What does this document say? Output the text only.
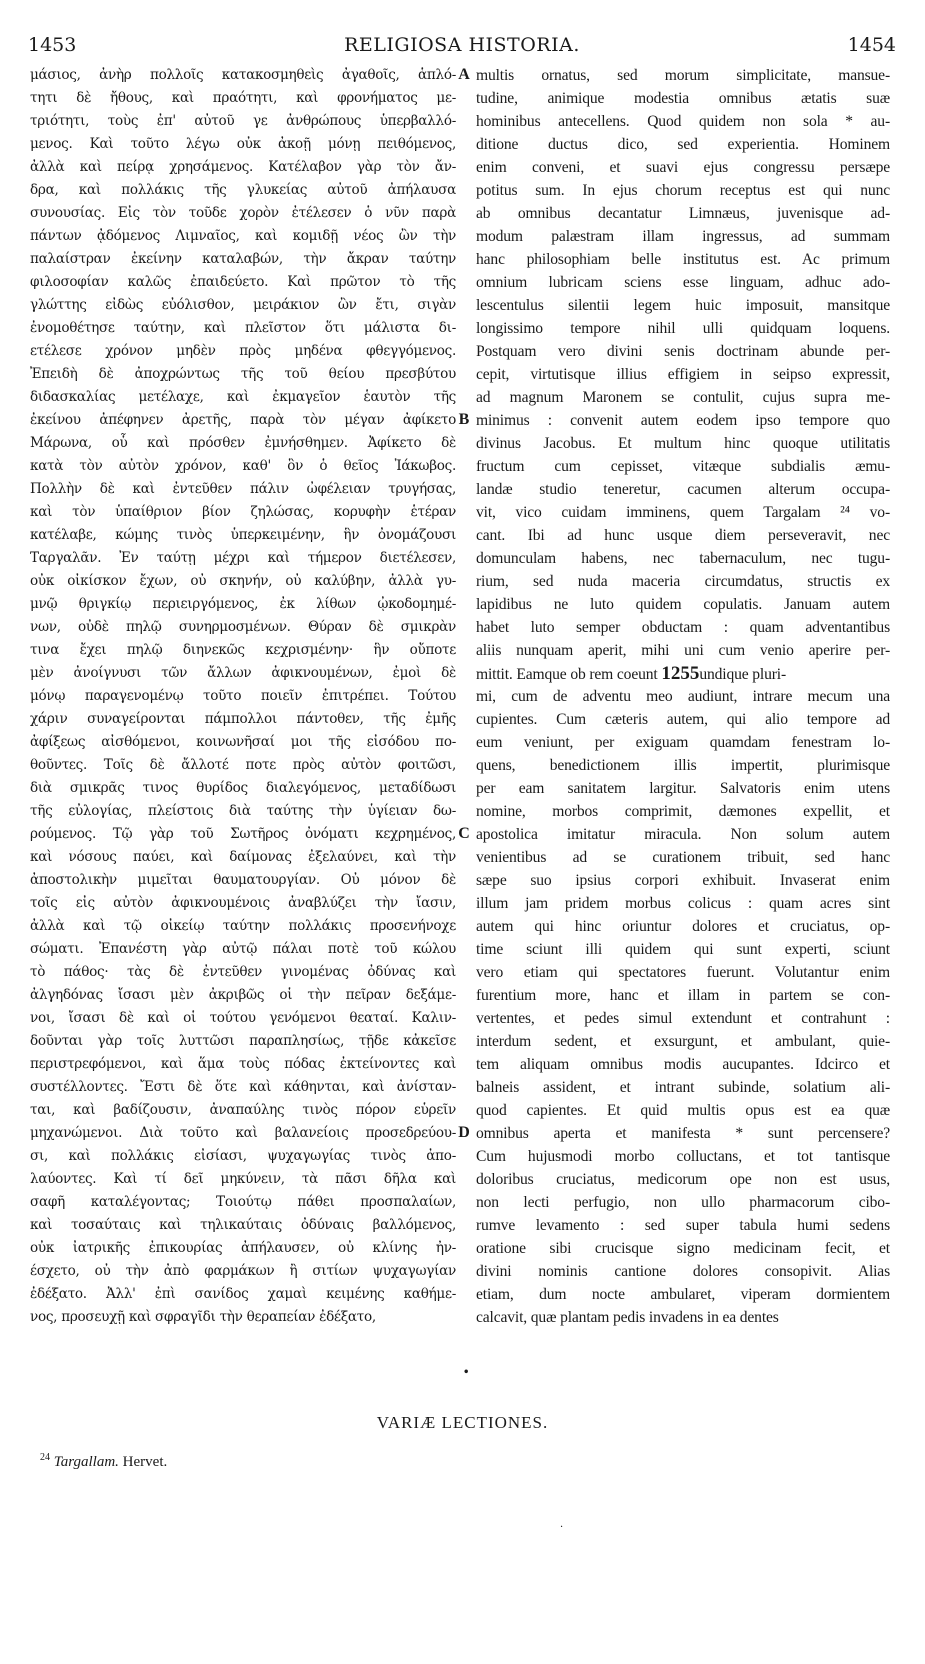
1453	RELIGIOSA HISTORIA.	1454
μάσιος, ἀνὴρ πολλοῖς κατακοσμηθεὶς ἀγαθοῖς, ἁπλό-
τητι δὲ ἤθους, καὶ πραότητι, καὶ φρονήματος με-
τριότητι, τοὺς ἐπ' αὐτοῦ γε ἀνθρώπους ὑπερβαλλό-
μενος. Καὶ τοῦτο λέγω οὐκ ἀκοῇ μόνῃ πειθόμενος,
ἀλλὰ καὶ πείρᾳ χρησάμενος. Κατέλαβον γὰρ τὸν ἄν-
δρα, καὶ πολλάκις τῆς γλυκείας αὐτοῦ ἀπήλαυσα
συνουσίας. Εἰς τὸν τοῦδε χορὸν ἐτέλεσεν ὁ νῦν παρὰ
πάντων ᾀδόμενος Λιμναῖος, καὶ κομιδῇ νέος ὢν τὴν
παλαίστραν ἐκείνην καταλαβών, τὴν ἄκραν ταύτην
φιλοσοφίαν καλῶς ἐπαιδεύετο. Καὶ πρῶτον τὸ τῆς
γλώττης εἰδὼς εὐόλισθον, μειράκιον ὢν ἔτι, σιγὰν
ἐνομοθέτησε ταύτην, καὶ πλεῖστον ὅτι μάλιστα δι-
ετέλεσε χρόνον μηδὲν πρὸς μηδένα φθεγγόμενος.
Ἐπειδὴ δὲ ἀποχρώντως τῆς τοῦ θείου πρεσβύτου
διδασκαλίας μετέλαχε, καὶ ἐκμαγεῖον ἑαυτὸν τῆς
ἐκείνου ἀπέφηνεν ἀρετῆς, παρὰ τὸν μέγαν ἀφίκετο
Μάρωνα, οὗ καὶ πρόσθεν ἐμνήσθημεν. Ἀφίκετο δὲ
κατὰ τὸν αὐτὸν χρόνον, καθ' ὃν ὁ θεῖος Ἰάκωβος.
Πολλὴν δὲ καὶ ἐντεῦθεν πάλιν ὠφέλειαν τρυγήσας,
καὶ τὸν ὑπαίθριον βίον ζηλώσας, κορυφὴν ἑτέραν
κατέλαβε, κώμης τινὸς ὑπερκειμένην, ἣν ὀνομάζουσι
Ταργαλᾶν. Ἐν ταύτῃ μέχρι καὶ τήμερον διετέλεσεν,
οὐκ οἰκίσκον ἔχων, οὐ σκηνήν, οὐ καλύβην, ἀλλὰ γυ-
μνῷ θριγκίῳ περιειργόμενος, ἐκ λίθων ᾠκοδομημέ-
νων, οὐδὲ πηλῷ συνηρμοσμένων. Θύραν δὲ σμικρὰν
τινα ἔχει πηλῷ διηνεκῶς κεχρισμένην· ἣν οὔποτε
μὲν ἀνοίγνυσι τῶν ἄλλων ἀφικνουμένων, ἐμοὶ δὲ
μόνῳ παραγενομένῳ τοῦτο ποιεῖν ἐπιτρέπει. Τούτου
χάριν συναγείρονται πάμπολλοι πάντοθεν, τῆς ἐμῆς
ἀφίξεως αἰσθόμενοι, κοινωνῆσαί μοι τῆς εἰσόδου πο-
θοῦντες. Τοῖς δὲ ἄλλοτέ ποτε πρὸς αὐτὸν φοιτῶσι,
διὰ σμικρᾶς τινος θυρίδος διαλεγόμενος, μεταδίδωσι
τῆς εὐλογίας, πλείστοις διὰ ταύτης τὴν ὑγίειαν δω-
ρούμενος. Τῷ γὰρ τοῦ Σωτῆρος ὀνόματι κεχρημένος,
καὶ νόσους παύει, καὶ δαίμονας ἐξελαύνει, καὶ τὴν
ἀποστολικὴν μιμεῖται θαυματουργίαν. Οὐ μόνον δὲ
τοῖς εἰς αὐτὸν ἀφικνουμένοις ἀναβλύζει τὴν ἴασιν,
ἀλλὰ καὶ τῷ οἰκείῳ ταύτην πολλάκις προσενήνοχε
σώματι. Ἐπανέστη γὰρ αὐτῷ πάλαι ποτὲ τοῦ κώλου
τὸ πάθος· τὰς δὲ ἐντεῦθεν γινομένας ὀδύνας καὶ
ἀλγηδόνας ἴσασι μὲν ἀκριβῶς οἱ τὴν πεῖραν δεξάμε-
νοι, ἴσασι δὲ καὶ οἱ τούτου γενόμενοι θεαταί. Καλιν-
δοῦνται γὰρ τοῖς λυττῶσι παραπλησίως, τῇδε κἀκεῖσε
περιστρεφόμενοι, καὶ ἅμα τοὺς πόδας ἐκτείνοντες καὶ
συστέλλοντες. Ἔστι δὲ ὅτε καὶ κάθηνται, καὶ ἀνίσταν-
ται, καὶ βαδίζουσιν, ἀναπαύλης τινὸς πόρον εὑρεῖν
μηχανώμενοι. Διὰ τοῦτο καὶ βαλανείοις προσεδρεύου-
σι, καὶ πολλάκις εἰσίασι, ψυχαγωγίας τινὸς ἀπο-
λαύοντες. Καὶ τί δεῖ μηκύνειν, τὰ πᾶσι δῆλα καὶ
σαφῆ καταλέγοντας; Τοιούτῳ πάθει προσπαλαίων,
καὶ τοσαύταις καὶ τηλικαύταις ὀδύναις βαλλόμενος,
οὐκ ἰατρικῆς ἐπικουρίας ἀπήλαυσεν, οὐ κλίνης ἠν-
έσχετο, οὐ τὴν ἀπὸ φαρμάκων ἢ σιτίων ψυχαγωγίαν
ἐδέξατο. Ἀλλ' ἐπὶ σανίδος χαμαὶ κειμένης καθήμε-
νος, προσευχῇ καὶ σφραγῖδι τὴν θεραπείαν ἐδέξατο,
A
B
C
D
multis ornatus, sed morum simplicitate, mansue-
tudine, animique modestia omnibus ætatis suæ
hominibus antecellens. Quod quidem non sola * au-
ditione ductus dico, sed experientia. Hominem
enim conveni, et suavi ejus congressu persæpe
potitus sum. In ejus chorum receptus est qui nunc
ab omnibus decantatur Limnæus, juvenisque ad-
modum palæstram illam ingressus, ad summam
hanc philosophiam belle institutus est. Ac primum
omnium lubricam sciens esse linguam, adhuc ado-
lescentulus silentii legem huic imposuit, mansitque
longissimo tempore nihil ulli quidquam loquens.
Postquam vero divini senis doctrinam abunde per-
cepit, virtutisque illius effigiem in seipso expressit,
ad magnum Maronem se contulit, cujus supra me-
minimus : convenit autem eodem ipso tempore quo
divinus Jacobus. Et multum hinc quoque utilitatis
fructum cum cepisset, vitæque subdialis æmu-
landæ studio teneretur, cacumen alterum occupa-
vit, vico cuidam imminens, quem Targalam ²⁴ vo-
cant. Ibi ad hunc usque diem perseveravit, nec
domunculam habens, nec tabernaculum, nec tugu-
rium, sed nuda maceria circumdatus, structis ex
lapidibus ne luto quidem copulatis. Januam autem
habet luto semper obductam : quam adventantibus
aliis nunquam aperit, mihi uni cum venio aperire per-
mittit. Eamque ob rem coeunt 1255undique pluri-
mi, cum de adventu meo audiunt, intrare mecum una
cupientes. Cum cæteris autem, qui alio tempore ad
eum veniunt, per exiguam quamdam fenestram lo-
quens, benedictionem illis impertit, plurimisque
per eam sanitatem largitur. Salvatoris enim utens
nomine, morbos comprimit, dæmones expellit, et
apostolica imitatur miracula. Non solum autem
venientibus ad se curationem tribuit, sed hanc
sæpe suo ipsius corpori exhibuit. Invaserat enim
illum jam pridem morbus colicus : quam acres sint
autem qui hinc oriuntur dolores et cruciatus, op-
time sciunt illi quidem qui sunt experti, sciunt
vero etiam qui spectatores fuerunt. Volutantur enim
furentium more, hanc et illam in partem se con-
vertentes, et pedes simul extendunt et contrahunt :
interdum sedent, et exsurgunt, et ambulant, quie-
tem aliquam omnibus modis aucupantes. Idcirco et
balneis assident, et intrant subinde, solatium ali-
quod capientes. Et quid multis opus est ea quæ
omnibus aperta et manifesta * sunt percensere?
Cum hujusmodi morbo colluctans, et tot tantisque
doloribus cruciatus, medicorum ope non est usus,
non lecti perfugio, non ullo pharmacorum cibo-
rumve levamento : sed super tabula humi sedens
oratione sibi crucisque signo medicinam fecit, et
divini nominis cantione dolores consopivit. Alias
etiam, dum nocte ambularet, viperam dormientem
calcavit, quæ plantam pedis invadens in ea dentes
•
VARIÆ LECTIONES.
$^{24}$ Targallam. Hervet.
·
